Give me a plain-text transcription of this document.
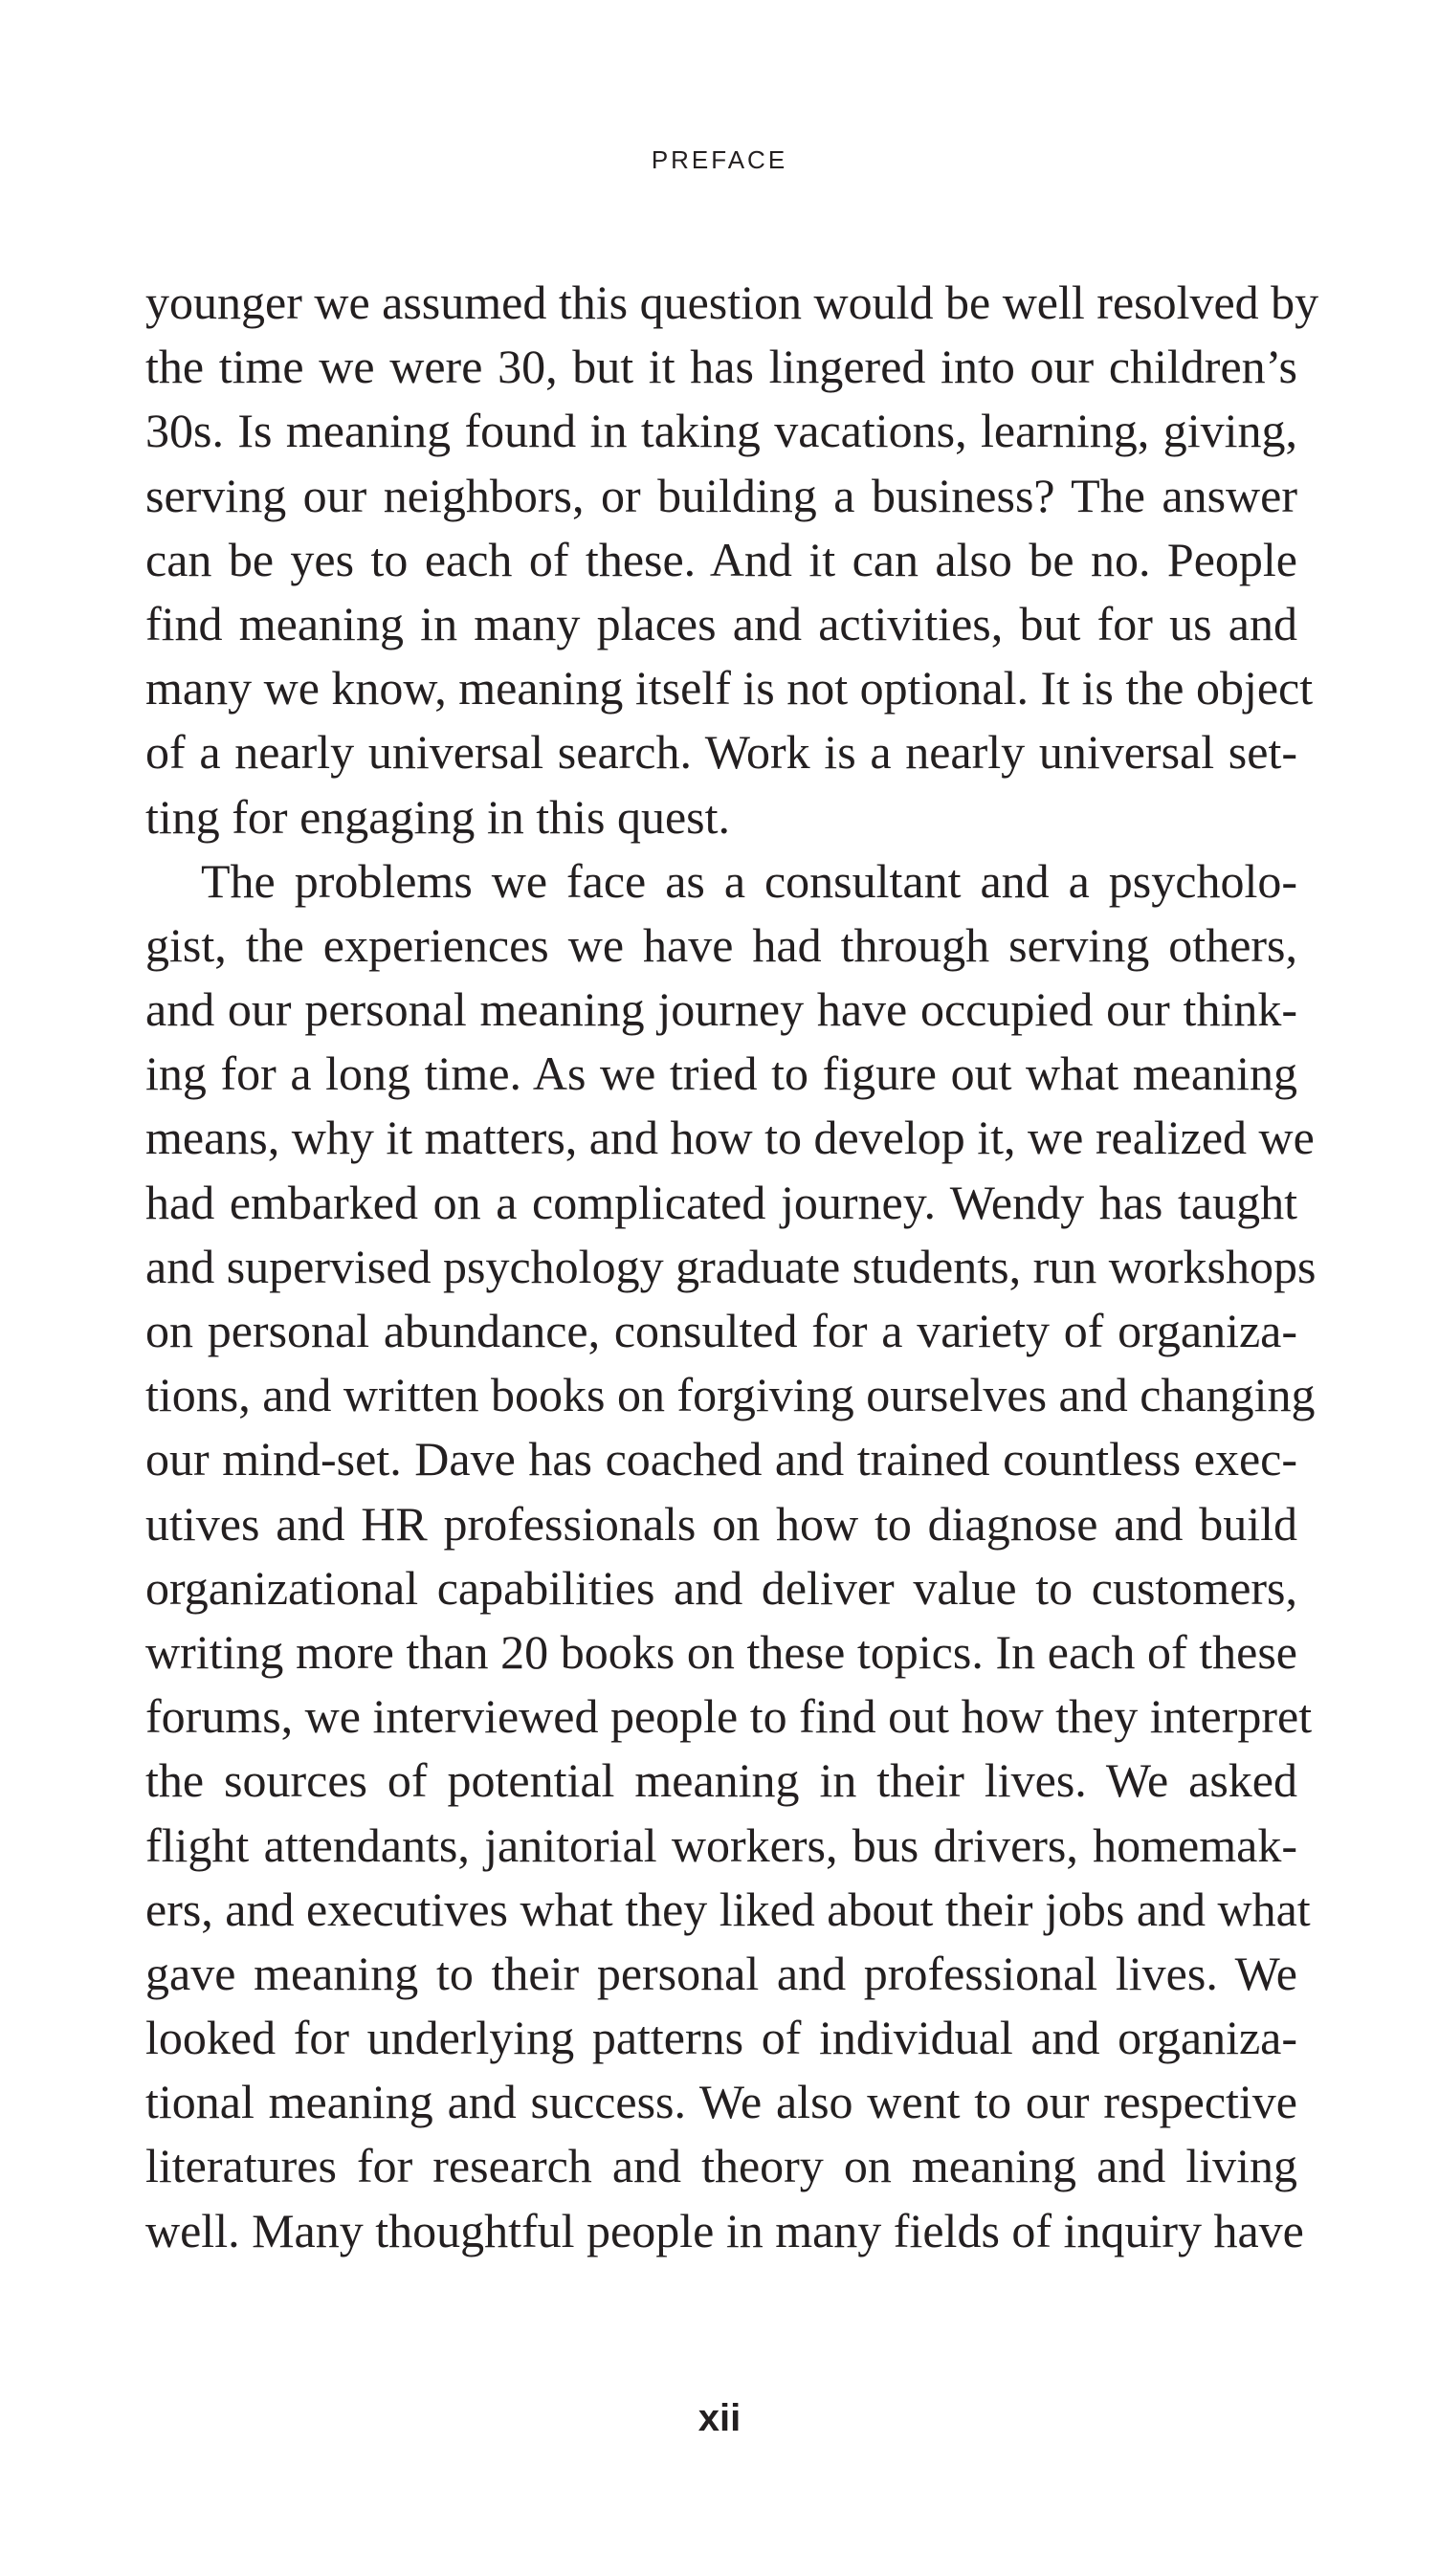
PREFACE

younger we assumed this question would be well resolved by
the time we were 30, but it has lingered into our children’s
30s. Is meaning found in taking vacations, learning, giving,
serving our neighbors, or building a business? The answer
can be yes to each of these. And it can also be no. People
find meaning in many places and activities, but for us and
many we know, meaning itself is not optional. It is the object
of a nearly universal search. Work is a nearly universal set-
ting for engaging in this quest.

The problems we face as a consultant and a psycholo-
gist, the experiences we have had through serving others,
and our personal meaning journey have occupied our think-
ing for a long time. As we tried to figure out what meaning
means, why it matters, and how to develop it, we realized we
had embarked on a complicated journey. Wendy has taught
and supervised psychology graduate students, run workshops
on personal abundance, consulted for a variety of organiza-
tions, and written books on forgiving ourselves and changing
our mind-set. Dave has coached and trained countless exec-
utives and HR professionals on how to diagnose and build
organizational capabilities and deliver value to customers,
writing more than 20 books on these topics. In each of these
forums, we interviewed people to find out how they interpret
the sources of potential meaning in their lives. We asked
flight attendants, janitorial workers, bus drivers, homemak-
ers, and executives what they liked about their jobs and what
gave meaning to their personal and professional lives. We
looked for underlying patterns of individual and organiza-
tional meaning and success. We also went to our respective
literatures for research and theory on meaning and living
well. Many thoughtful people in many fields of inquiry have

xii
